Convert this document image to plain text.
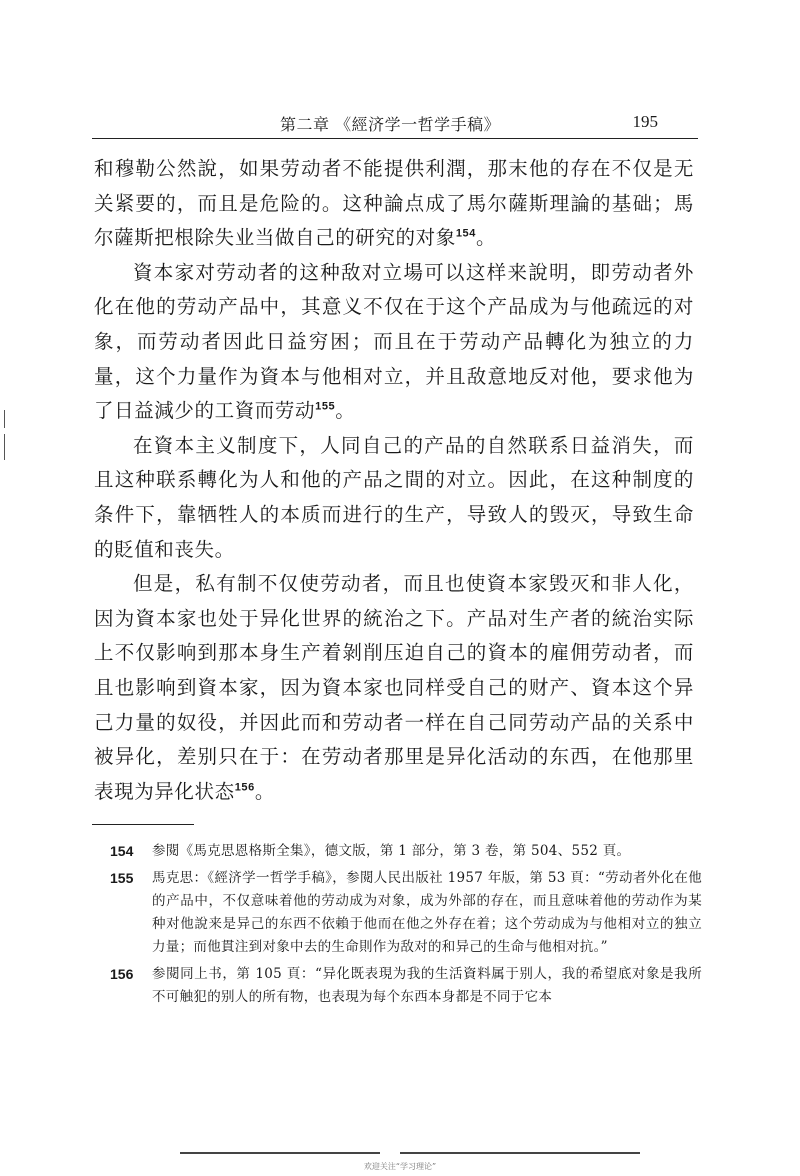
第二章 《經济学一哲学手稿》	195

和穆勒公然說，如果劳动者不能提供利潤，那末他的存在不仅是无关紧要的，而且是危险的。这种論点成了馬尔薩斯理論的基础；馬尔薩斯把根除失业当做自己的研究的对象$^{154}$。

資本家对劳动者的这种敌对立場可以这样来說明，即劳动者外化在他的劳动产品中，其意义不仅在于这个产品成为与他疏远的对象，而劳动者因此日益穷困；而且在于劳动产品轉化为独立的力量，这个力量作为資本与他相对立，并且敌意地反对他，要求他为了日益減少的工資而劳动$^{155}$。

在資本主义制度下，人同自己的产品的自然联系日益消失，而且这种联系轉化为人和他的产品之間的对立。因此，在这种制度的条件下，靠牺牲人的本质而进行的生产，导致人的毁灭，导致生命的貶值和丧失。

但是，私有制不仅使劳动者，而且也使資本家毁灭和非人化，因为資本家也处于异化世界的統治之下。产品对生产者的統治实际上不仅影响到那本身生产着剝削压迫自己的資本的雇佣劳动者，而且也影响到資本家，因为資本家也同样受自己的财产、資本这个异己力量的奴役，并因此而和劳动者一样在自己同劳动产品的关系中被异化，差别只在于：在劳动者那里是异化活动的东西，在他那里表現为异化状态$^{156}$。

154 参閱《馬克思恩格斯全集》，德文版，第 1 部分，第 3 卷，第 504、552 頁。
155 馬克思：《經济学一哲学手稿》，参閱人民出版社 1957 年版，第 53 頁：“劳动者外化在他的产品中，不仅意味着他的劳动成为对象，成为外部的存在，而且意味着他的劳动作为某种对他說来是异己的东西不依賴于他而在他之外存在着；这个劳动成为与他相对立的独立力量；而他貫注到对象中去的生命則作为敌对的和异己的生命与他相对抗。”
156 参閱同上书，第 105 頁：“异化既表現为我的生活資料属于别人，我的希望底对象是我所不可触犯的别人的所有物，也表現为每个东西本身都是不同于它本
欢迎关注“学习理论”
